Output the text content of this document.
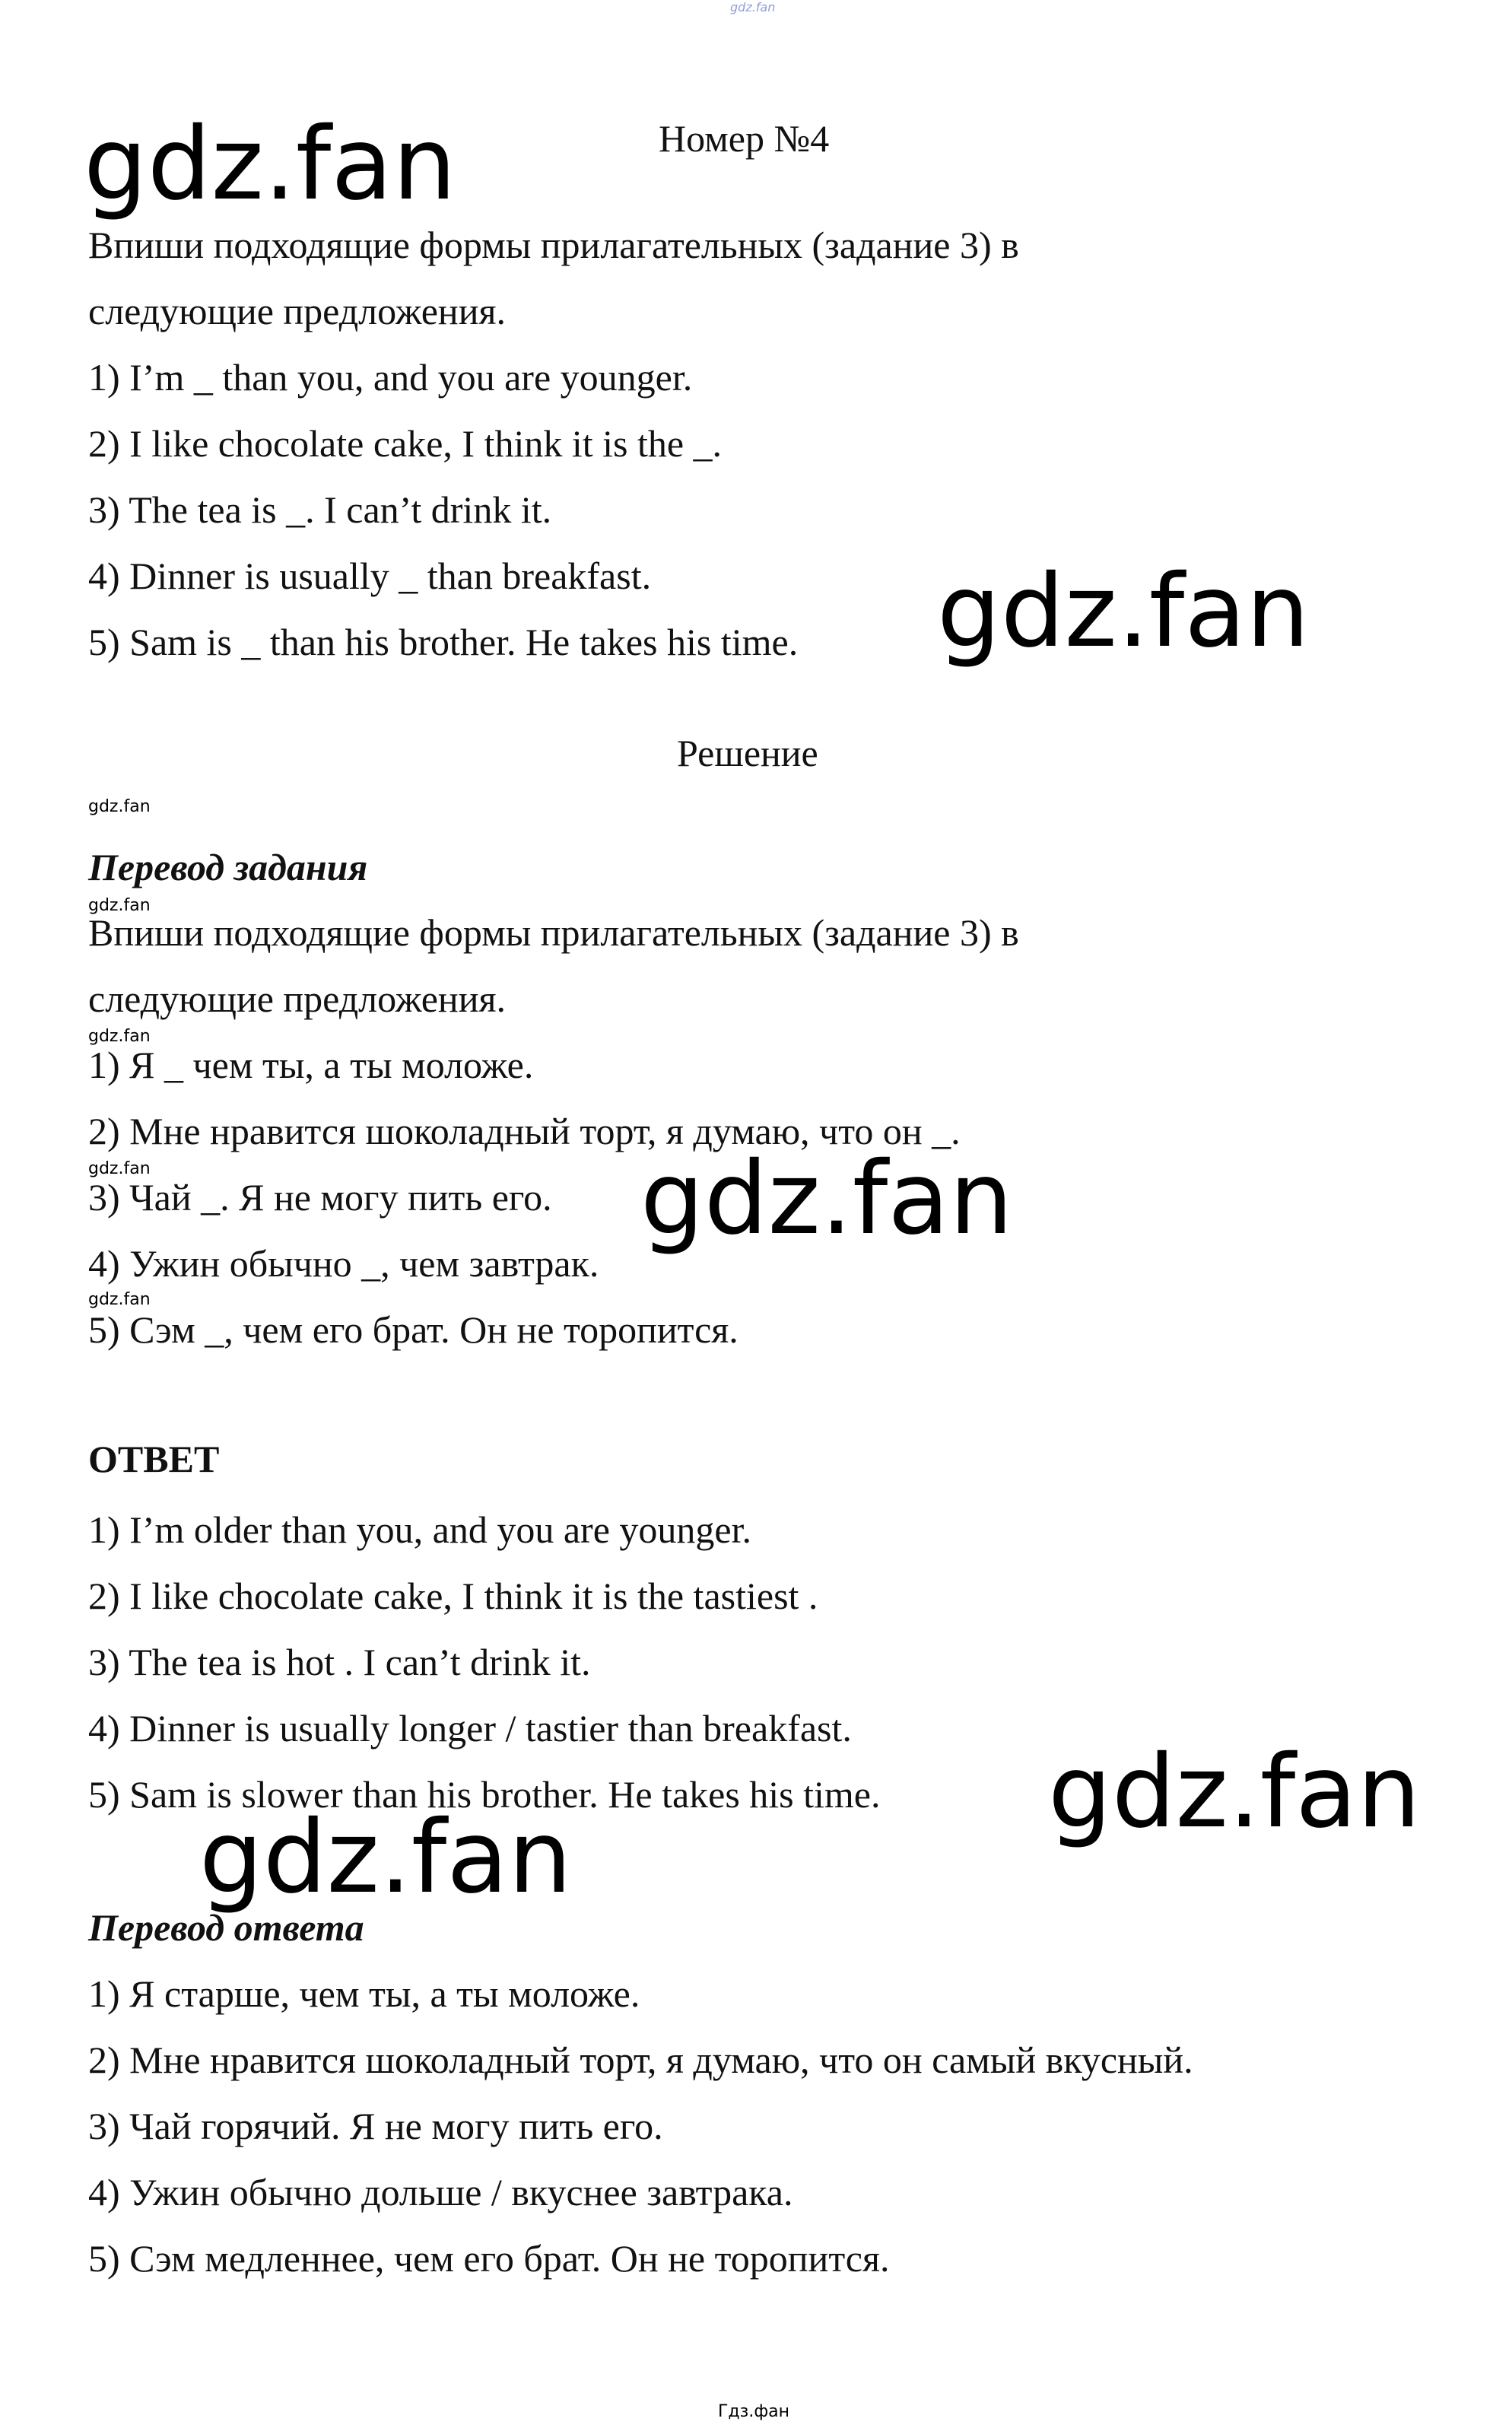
gdz.fan
Номер №4
gdz.fan
Впиши подходящие формы прилагательных (задание 3) в
следующие предложения.
1) I’m _ than you, and you are younger.
2) I like chocolate cake, I think it is the _.
3) The tea is _. I can’t drink it.
4) Dinner is usually _ than breakfast.
5) Sam is _ than his brother. He takes his time. gdz.fan
Решение
gdz.fan
Перевод задания
gdz.fan
Впиши подходящие формы прилагательных (задание 3) в
следующие предложения.
gdz.fan
1) Я _ чем ты, а ты моложе.
2) Мне нравится шоколадный торт, я думаю, что он _.
gdz.fan
3) Чай _. Я не могу пить его. gdz.fan
4) Ужин обычно _, чем завтрак.
gdz.fan
5) Сэм _, чем его брат. Он не торопится.
ОТВЕТ
1) I’m older than you, and you are younger.
2) I like chocolate cake, I think it is the tastiest .
3) The tea is hot . I can’t drink it.
4) Dinner is usually longer / tastier than breakfast.
5) Sam is slower than his brother. He takes his time. gdz.fan
gdz.fan
Перевод ответа
1) Я старше, чем ты, а ты моложе.
2) Мне нравится шоколадный торт, я думаю, что он самый вкусный.
3) Чай горячий. Я не могу пить его.
4) Ужин обычно дольше / вкуснее завтрака.
5) Сэм медленнее, чем его брат. Он не торопится.
Гдз.фан
